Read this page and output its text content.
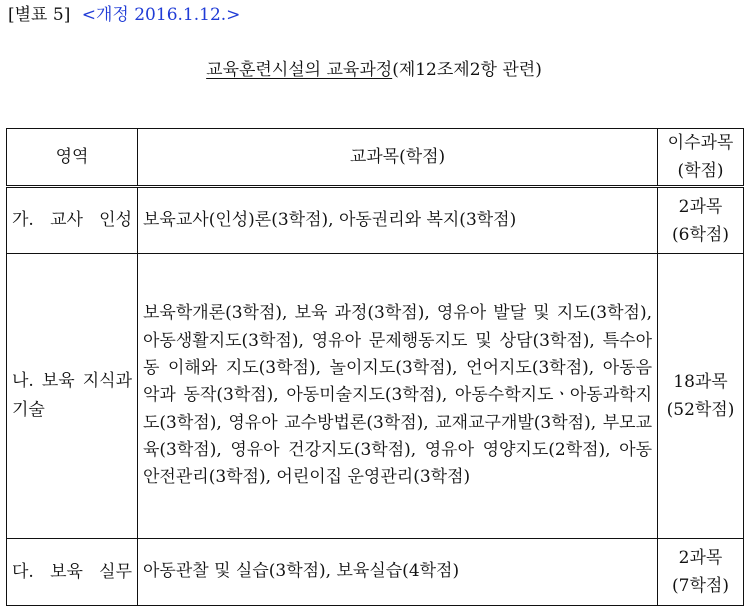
[별표 5] <개정 2016.1.12.>
교육훈련시설의 교육과정(제12조제2항 관련)
영역	교과목(학점)	이수과목(학점)
가. 교사 인성	보육교사(인성)론(3학점), 아동권리와 복지(3학점)	2과목
(6학점)

나. 보육 지식과 기술	보육학개론(3학점), 보육 과정(3학점), 영유아 발달 및 지도(3학점), 아동생활지도(3학점), 영유아 문제행동지도 및 상담(3학점), 특수아동 이해와 지도(3학점), 놀이지도(3학점), 언어지도(3학점), 아동음악과 동작(3학점), 아동미술지도(3학점), 아동수학지도ㆍ아동과학지도(3학점), 영유아 교수방법론(3학점), 교재교구개발(3학점), 부모교육(3학점), 영유아 건강지도(3학점), 영유아 영양지도(2학점), 아동안전관리(3학점), 어린이집 운영관리(3학점)	18과목
(52학점)

다. 보육 실무	아동관찰 및 실습(3학점), 보육실습(4학점)	2과목
(7학점)
